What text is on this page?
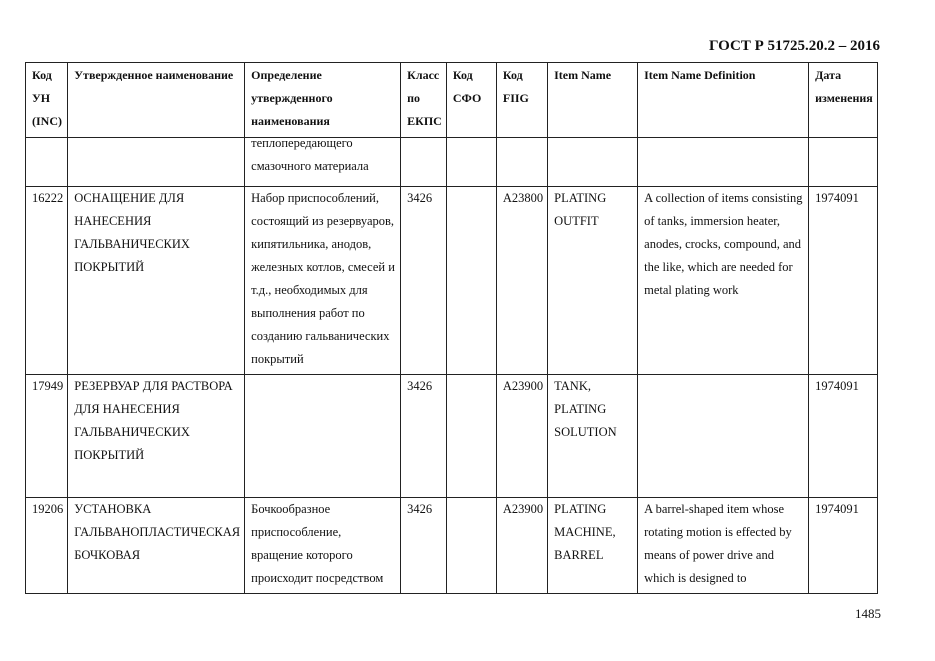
ГОСТ Р 51725.20.2 – 2016
Код УН (INC)	Утвержденное наименование	Определение утвержденного наименования	Класс по ЕКПС	Код СФО	Код FIIG	Item Name	Item Name Definition	Дата изменения

		теплопередающего смазочного материала						

16222	ОСНАЩЕНИЕ ДЛЯ НАНЕСЕНИЯ ГАЛЬВАНИЧЕСКИХ ПОКРЫТИЙ	Набор приспособлений, состоящий из резервуаров, кипятильника, анодов, железных котлов, смесей и т.д., необходимых для выполнения работ по созданию гальванических покрытий	3426		A23800	PLATING OUTFIT	A collection of items consisting of tanks, immersion heater, anodes, crocks, compound, and the like, which are needed for metal plating work	1974091
17949	РЕЗЕРВУАР ДЛЯ РАСТВОРА ДЛЯ НАНЕСЕНИЯ ГАЛЬВАНИЧЕСКИХ ПОКРЫТИЙ		3426		A23900	TANK, PLATING SOLUTION		1974091
19206	УСТАНОВКА ГАЛЬВАНОПЛАСТИЧЕСКАЯ БОЧКОВАЯ	Бочкообразное приспособление, вращение которого происходит посредством	3426		A23900	PLATING MACHINE, BARREL	A barrel-shaped item whose rotating motion is effected by means of power drive and which is designed to	1974091
1485
